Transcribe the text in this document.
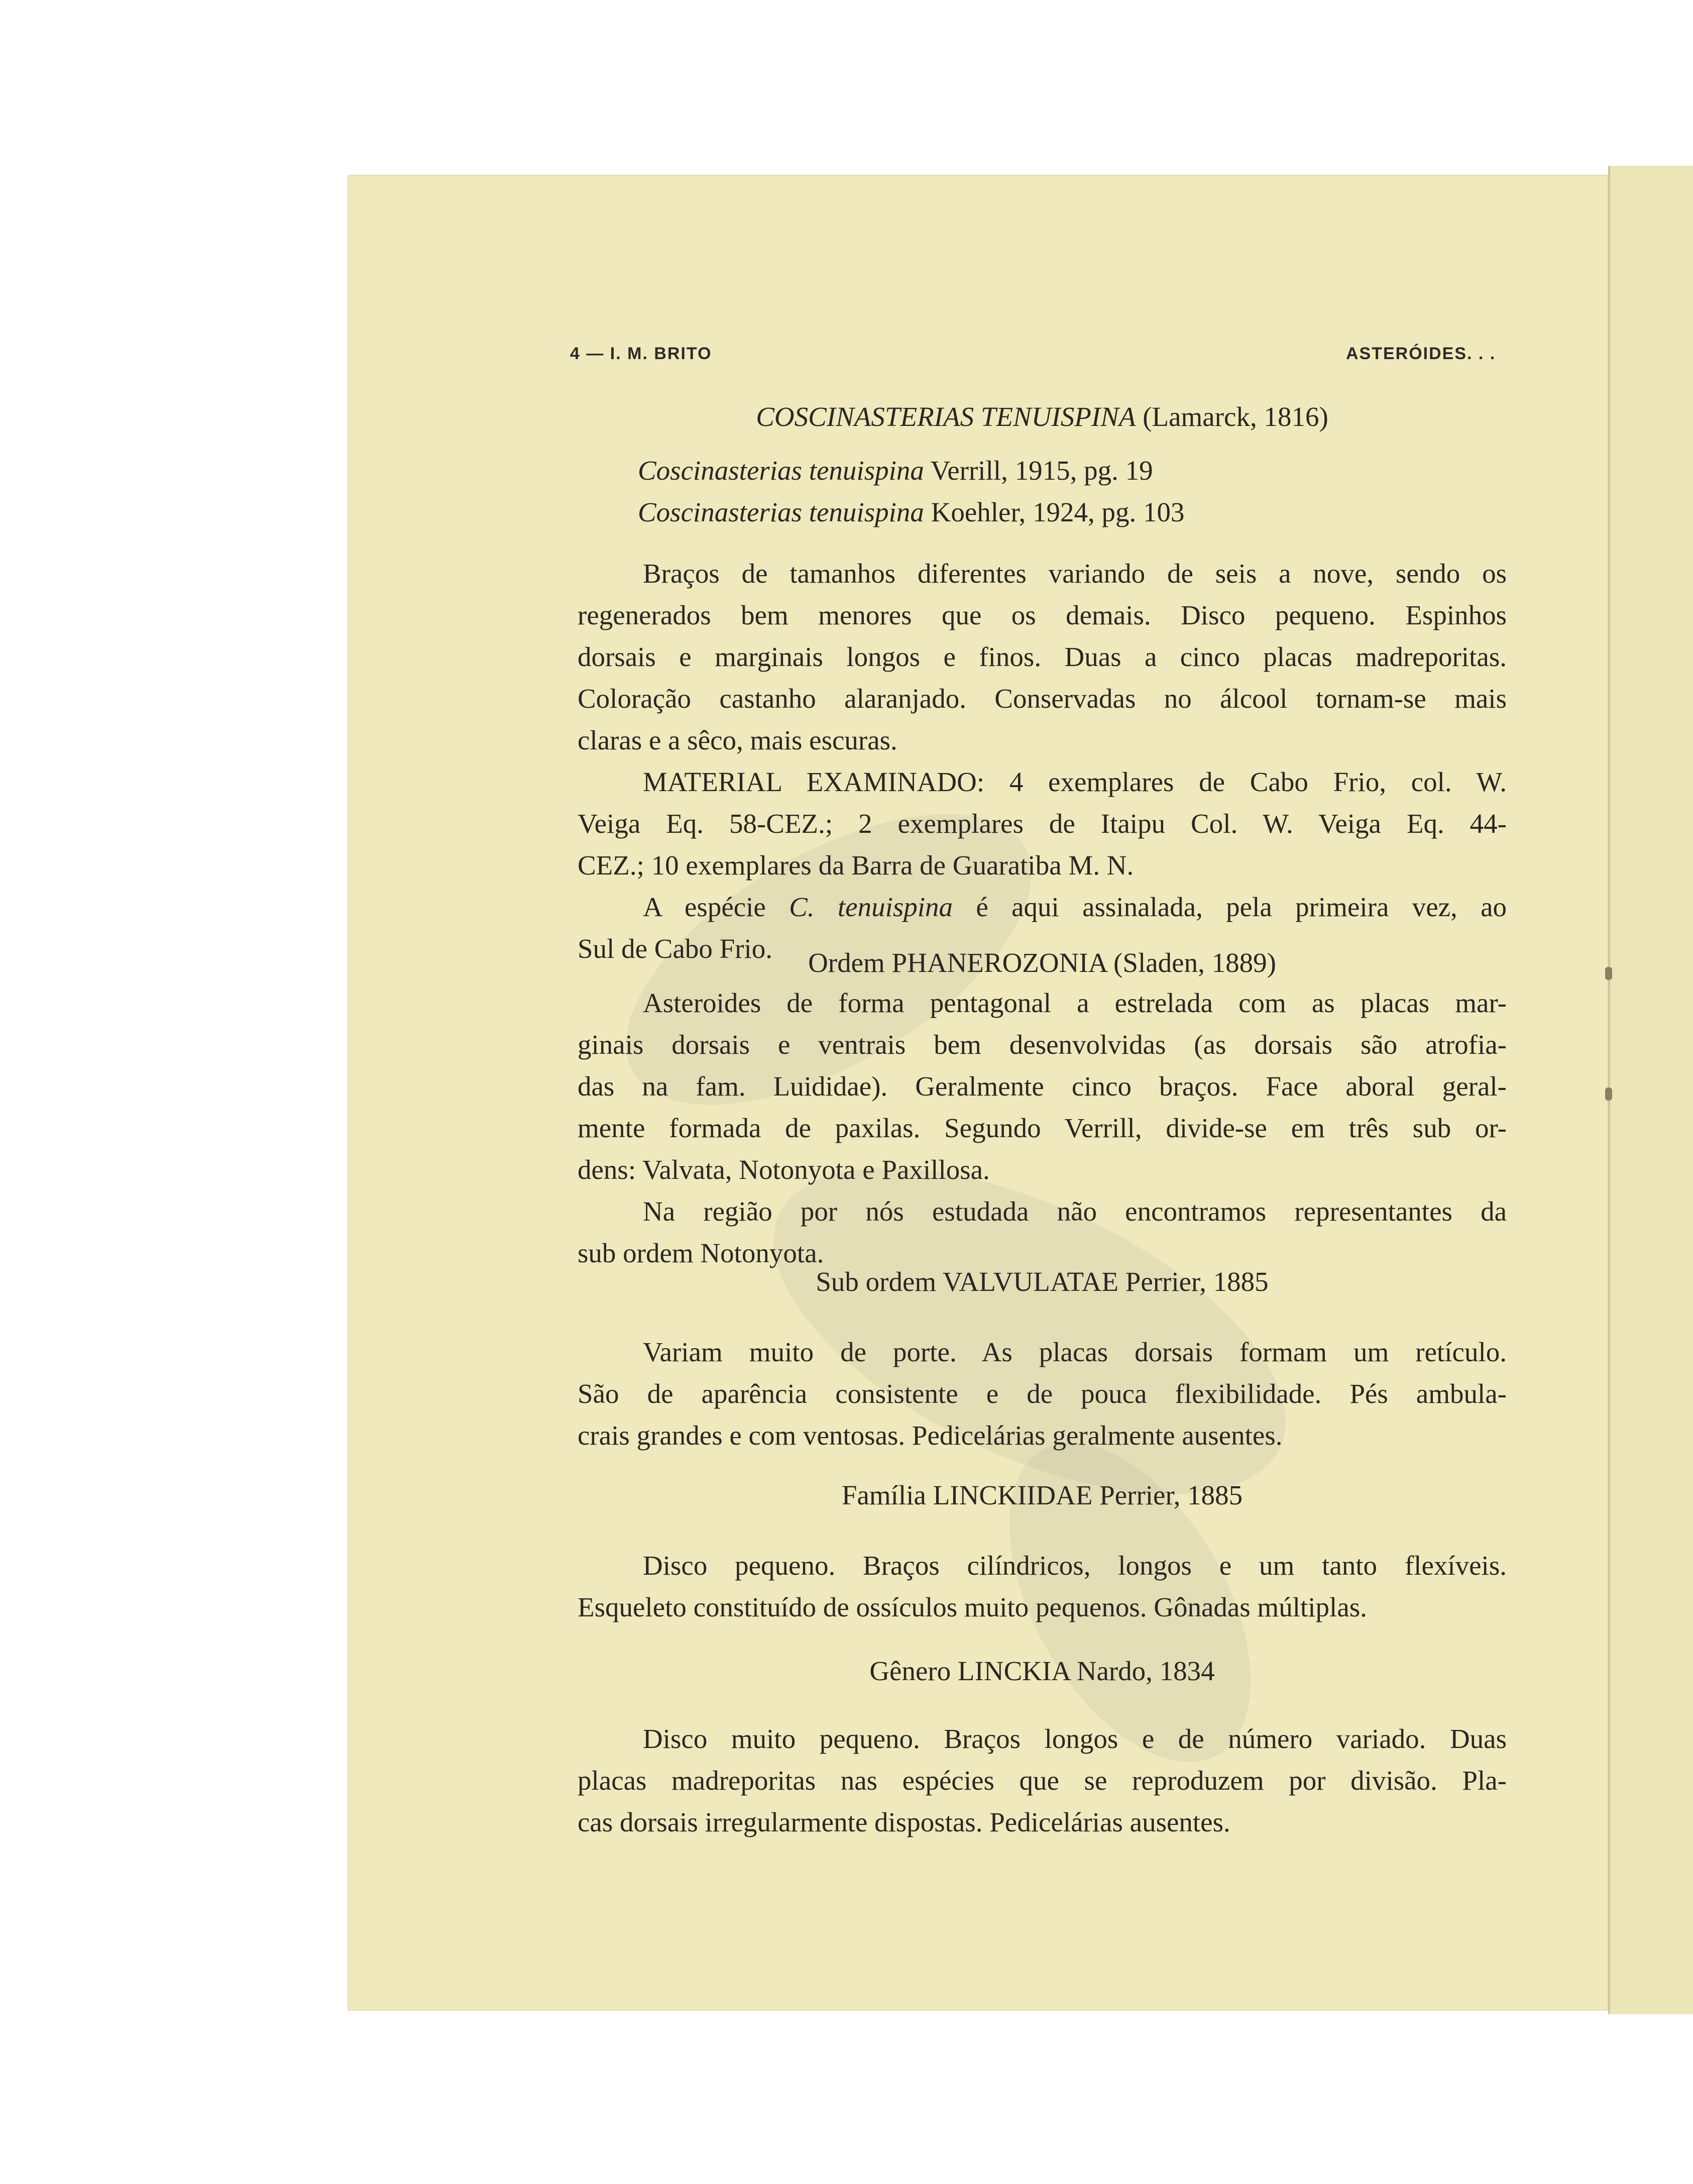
4 — I. M. BRITO	ASTERÓIDES. . .
COSCINASTERIAS TENUISPINA (Lamarck, 1816)

Coscinasterias tenuispina Verrill, 1915, pg. 19

Coscinasterias tenuispina Koehler, 1924, pg. 103

Braços de tamanhos diferentes variando de seis a nove, sendo os

regenerados bem menores que os demais. Disco pequeno. Espinhos

dorsais e marginais longos e finos. Duas a cinco placas madreporitas.

Coloração castanho alaranjado. Conservadas no álcool tornam-se mais

claras e a sêco, mais escuras.

MATERIAL EXAMINADO: 4 exemplares de Cabo Frio, col. W.

Veiga Eq. 58-CEZ.; 2 exemplares de Itaipu Col. W. Veiga Eq. 44-

CEZ.; 10 exemplares da Barra de Guaratiba M. N.

A espécie C. tenuispina é aqui assinalada, pela primeira vez, ao

Sul de Cabo Frio.	Ordem PHANEROZONIA (Sladen, 1889)

Asteroides de forma pentagonal a estrelada com as placas mar-

ginais dorsais e ventrais bem desenvolvidas (as dorsais são atrofia-

das na fam. Luididae). Geralmente cinco braços. Face aboral geral-

mente formada de paxilas. Segundo Verrill, divide-se em três sub or-

dens: Valvata, Notonyota e Paxillosa.

Na região por nós estudada não encontramos representantes da

sub ordem Notonyota.

Sub ordem VALVULATAE Perrier, 1885

Variam muito de porte. As placas dorsais formam um retículo.

São de aparência consistente e de pouca flexibilidade. Pés ambula-

crais grandes e com ventosas. Pedicelárias geralmente ausentes.

Família LINCKIIDAE Perrier, 1885

Disco pequeno. Braços cilíndricos, longos e um tanto flexíveis.

Esqueleto constituído de ossículos muito pequenos. Gônadas múltiplas.

Gênero LINCKIA Nardo, 1834

Disco muito pequeno. Braços longos e de número variado. Duas

placas madreporitas nas espécies que se reproduzem por divisão. Pla-

cas dorsais irregularmente dispostas. Pedicelárias ausentes.
